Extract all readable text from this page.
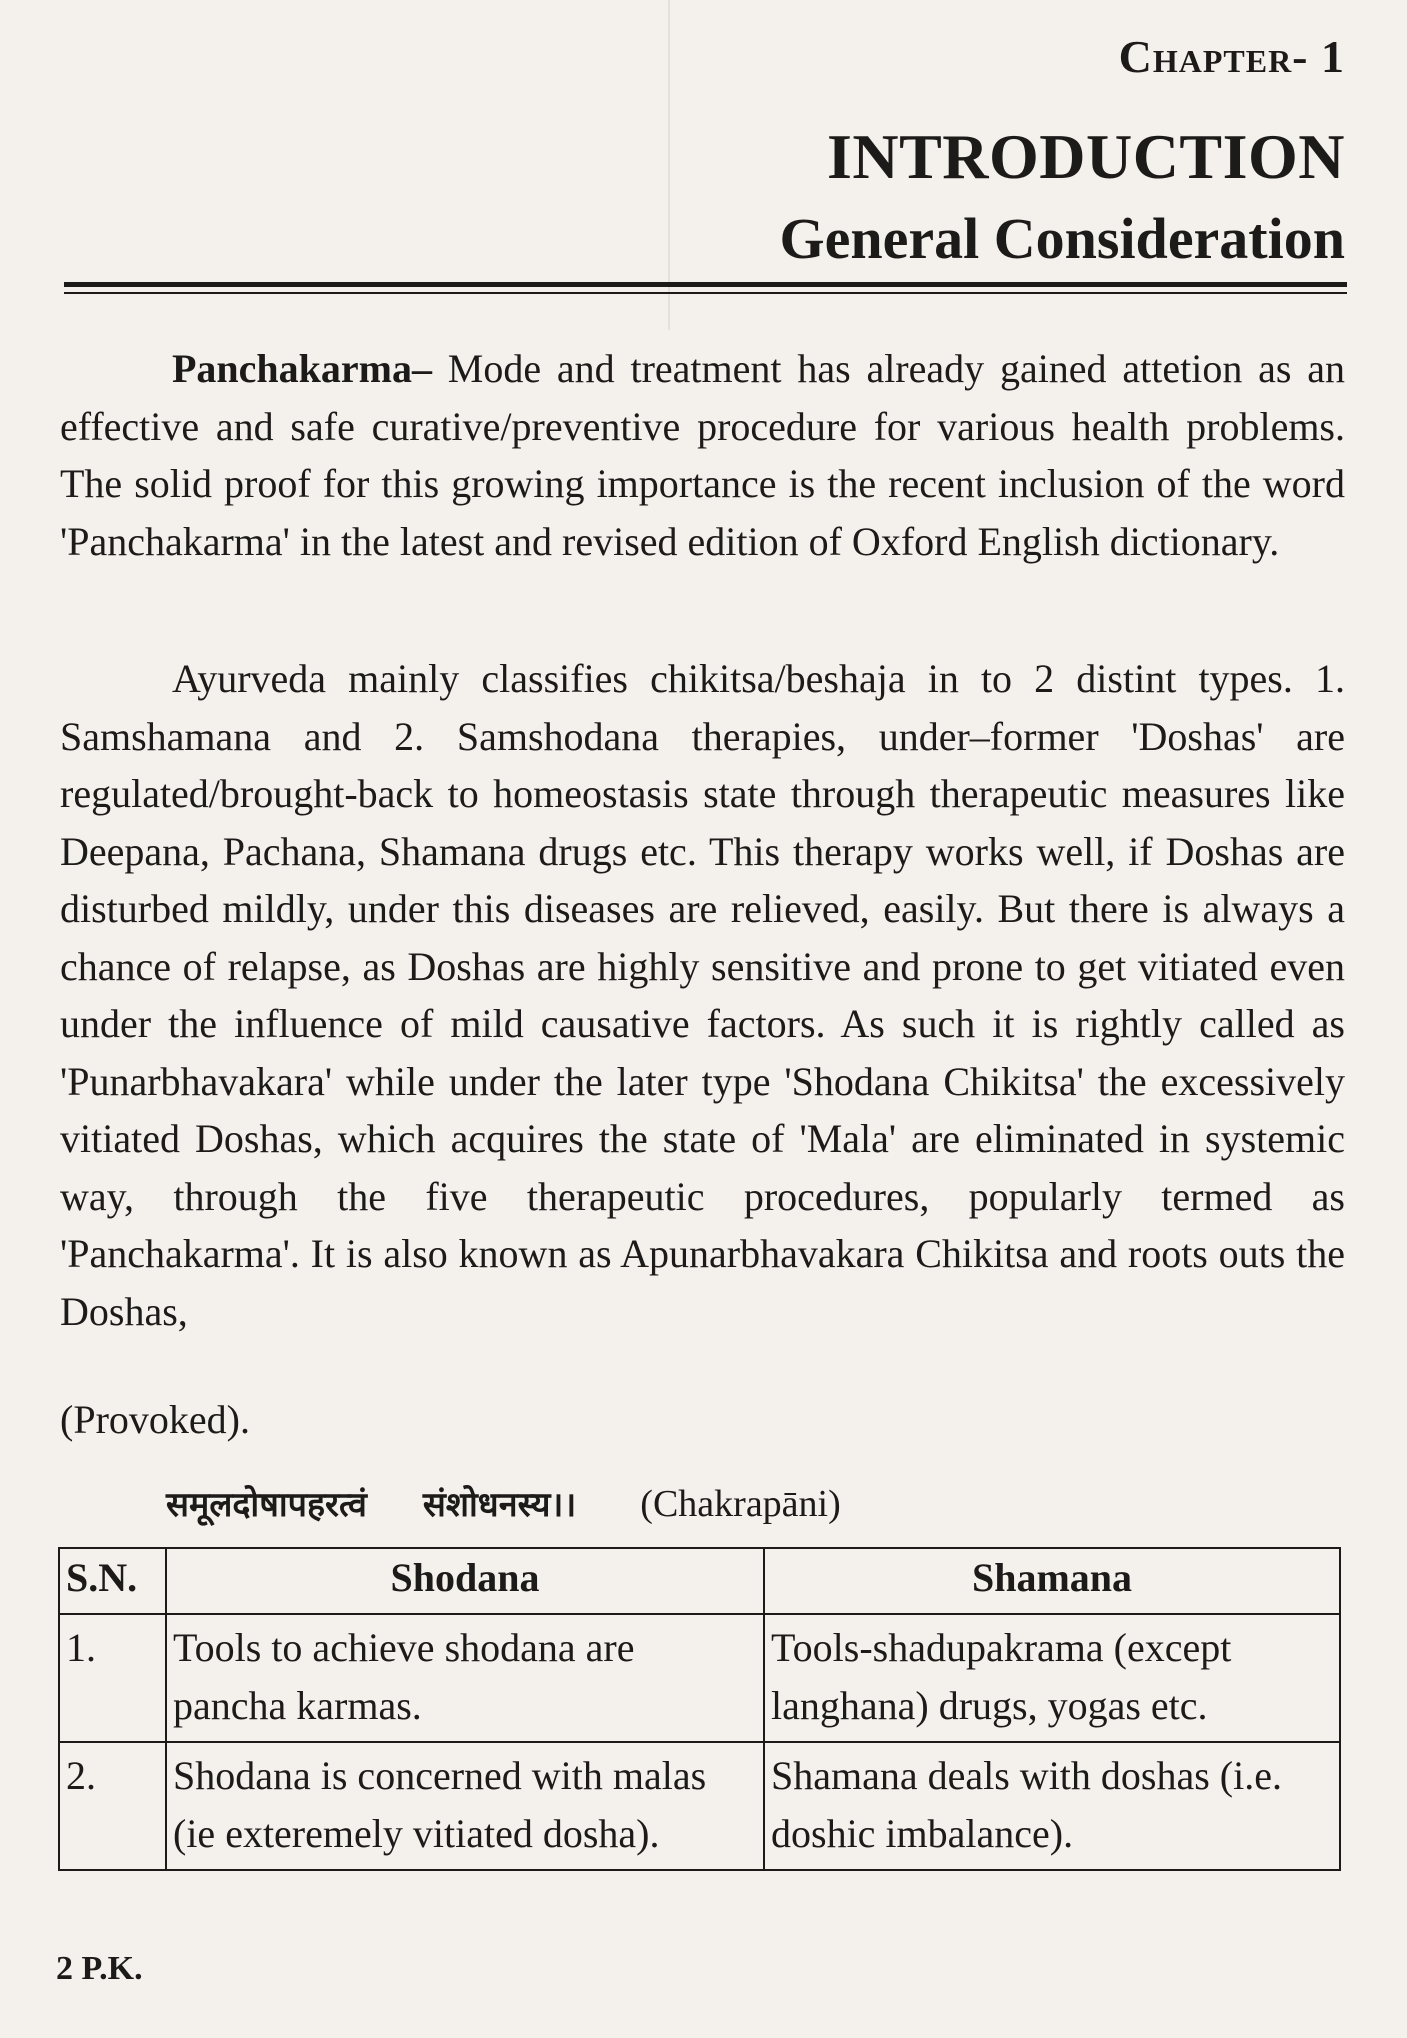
Chapter- 1
INTRODUCTION
General Consideration

Panchakarma– Mode and treatment has already gained attetion as an effective and safe curative/preventive procedure for various health problems. The solid proof for this growing importance is the recent inclusion of the word 'Panchakarma' in the latest and revised edition of Oxford English dictionary.

Ayurveda mainly classifies chikitsa/beshaja in to 2 distint types. 1. Samshamana and 2. Samshodana therapies, under–former 'Doshas' are regulated/brought-back to homeostasis state through therapeutic measures like Deepana, Pachana, Shamana drugs etc. This therapy works well, if Doshas are disturbed mildly, under this diseases are relieved, easily. But there is always a chance of relapse, as Doshas are highly sensitive and prone to get vitiated even under the influence of mild causative factors. As such it is rightly called as 'Punarbhavakara' while under the later type 'Shodana Chikitsa' the excessively vitiated Doshas, which acquires the state of 'Mala' are eliminated in systemic way, through the five therapeutic procedures, popularly termed as 'Panchakarma'. It is also known as Apunarbhavakara Chikitsa and roots outs the Doshas,

(Provoked).

समूलदोषापहरत्वं संशोधनस्य।। (Chakrapāni)
S.N.	Shodana	Shamana
1.	Tools to achieve shodana are pancha karmas.	Tools-shadupakrama (except langhana) drugs, yogas etc.
2.	Shodana is concerned with malas (ie exteremely vitiated dosha).	Shamana deals with doshas (i.e. doshic imbalance).
2 P.K.
